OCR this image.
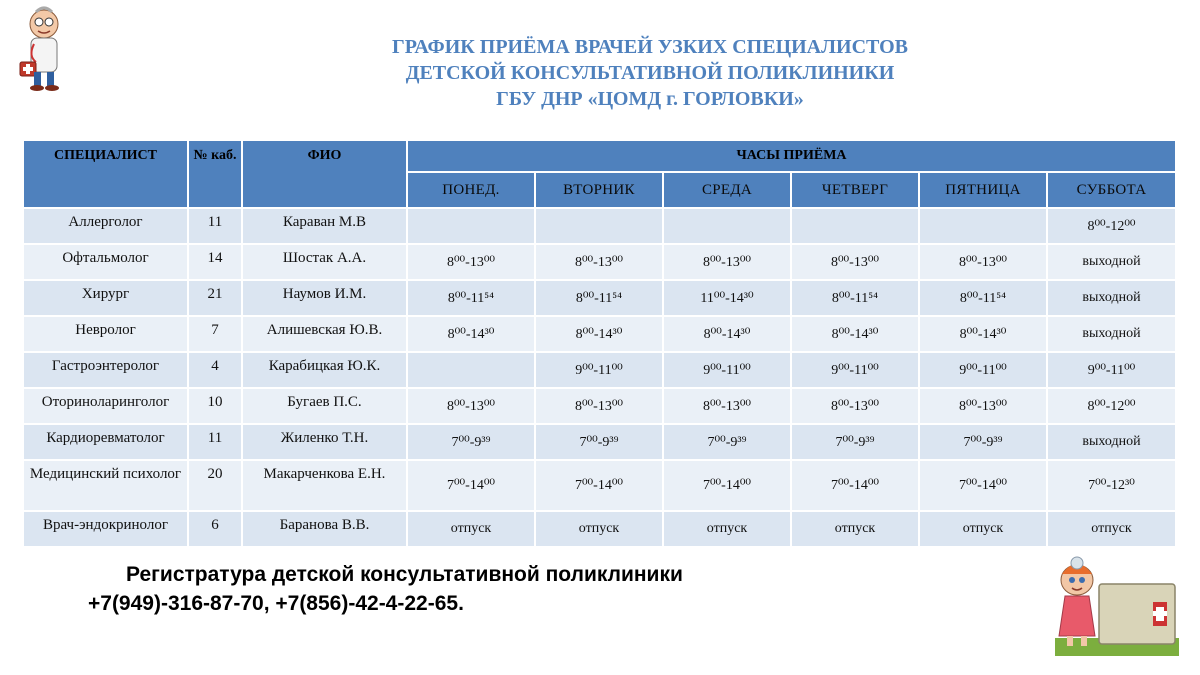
ГРАФИК ПРИЁМА ВРАЧЕЙ УЗКИХ СПЕЦИАЛИСТОВ
ДЕТСКОЙ КОНСУЛЬТАТИВНОЙ ПОЛИКЛИНИКИ
ГБУ ДНР «ЦОМД г. ГОРЛОВКИ»
СПЕЦИАЛИСТ	№ каб.	ФИО	ЧАСЫ ПРИЁМА					
			ПОНЕД.	ВТОРНИК	СРЕДА	ЧЕТВЕРГ	ПЯТНИЦА	СУББОТА
Аллерголог	11	Караван М.В						8⁰⁰-12⁰⁰
Офтальмолог	14	Шостак А.А.	8⁰⁰-13⁰⁰	8⁰⁰-13⁰⁰	8⁰⁰-13⁰⁰	8⁰⁰-13⁰⁰	8⁰⁰-13⁰⁰	выходной
Хирург	21	Наумов И.М.	8⁰⁰-11⁵⁴	8⁰⁰-11⁵⁴	11⁰⁰-14³⁰	8⁰⁰-11⁵⁴	8⁰⁰-11⁵⁴	выходной
Невролог	7	Алишевская Ю.В.	8⁰⁰-14³⁰	8⁰⁰-14³⁰	8⁰⁰-14³⁰	8⁰⁰-14³⁰	8⁰⁰-14³⁰	выходной
Гастроэнтеролог	4	Карабицкая Ю.К.		9⁰⁰-11⁰⁰	9⁰⁰-11⁰⁰	9⁰⁰-11⁰⁰	9⁰⁰-11⁰⁰	9⁰⁰-11⁰⁰
Оториноларинголог	10	Бугаев П.С.	8⁰⁰-13⁰⁰	8⁰⁰-13⁰⁰	8⁰⁰-13⁰⁰	8⁰⁰-13⁰⁰	8⁰⁰-13⁰⁰	8⁰⁰-12⁰⁰
Кардиоревматолог	11	Жиленко Т.Н.	7⁰⁰-9³⁹	7⁰⁰-9³⁹	7⁰⁰-9³⁹	7⁰⁰-9³⁹	7⁰⁰-9³⁹	выходной
Медицинский психолог	20	Макарченкова Е.Н.	7⁰⁰-14⁰⁰	7⁰⁰-14⁰⁰	7⁰⁰-14⁰⁰	7⁰⁰-14⁰⁰	7⁰⁰-14⁰⁰	7⁰⁰-12³⁰
Врач-эндокринолог	6	Баранова В.В.	отпуск	отпуск	отпуск	отпуск	отпуск	отпуск
Регистратура детской консультативной поликлиники
+7(949)-316-87-70, +7(856)-42-4-22-65.
